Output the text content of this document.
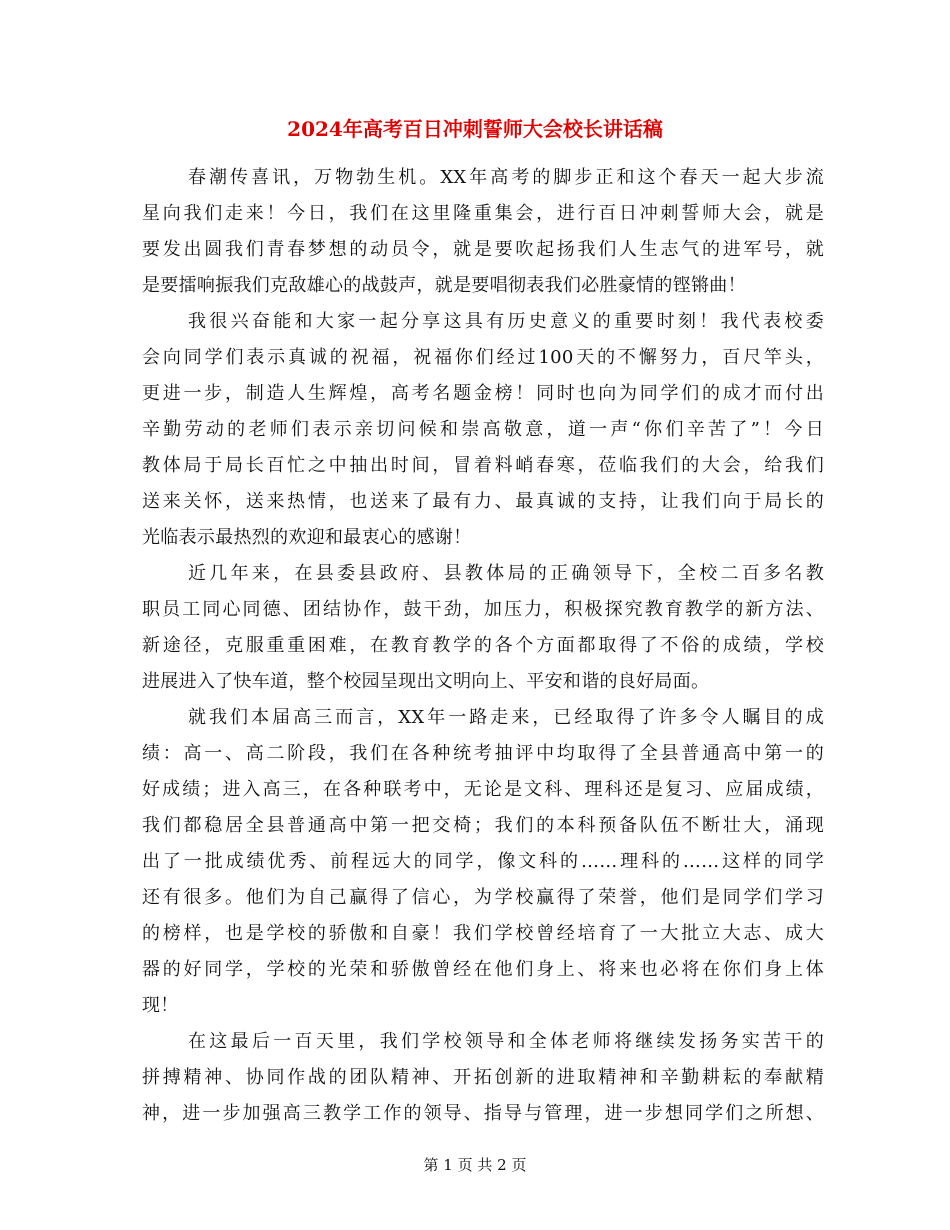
2024年高考百日冲刺誓师大会校长讲话稿
春潮传喜讯，万物勃生机。XX年高考的脚步正和这个春天一起大步流
星向我们走来！今日，我们在这里隆重集会，进行百日冲刺誓师大会，就是
要发出圆我们青春梦想的动员令，就是要吹起扬我们人生志气的进军号，就
是要擂响振我们克敌雄心的战鼓声，就是要唱彻表我们必胜豪情的铿锵曲！
我很兴奋能和大家一起分享这具有历史意义的重要时刻！我代表校委
会向同学们表示真诚的祝福，祝福你们经过100天的不懈努力，百尺竿头，
更进一步，制造人生辉煌，高考名题金榜！同时也向为同学们的成才而付出
辛勤劳动的老师们表示亲切问候和崇高敬意，道一声“你们辛苦了”！今日
教体局于局长百忙之中抽出时间，冒着料峭春寒，莅临我们的大会，给我们
送来关怀，送来热情，也送来了最有力、最真诚的支持，让我们向于局长的
光临表示最热烈的欢迎和最衷心的感谢！
近几年来，在县委县政府、县教体局的正确领导下，全校二百多名教
职员工同心同德、团结协作，鼓干劲，加压力，积极探究教育教学的新方法、
新途径，克服重重困难，在教育教学的各个方面都取得了不俗的成绩，学校
进展进入了快车道，整个校园呈现出文明向上、平安和谐的良好局面。
就我们本届高三而言，XX年一路走来，已经取得了许多令人瞩目的成
绩：高一、高二阶段，我们在各种统考抽评中均取得了全县普通高中第一的
好成绩；进入高三，在各种联考中，无论是文科、理科还是复习、应届成绩，
我们都稳居全县普通高中第一把交椅；我们的本科预备队伍不断壮大，涌现
出了一批成绩优秀、前程远大的同学，像文科的……理科的……这样的同学
还有很多。他们为自己赢得了信心，为学校赢得了荣誉，他们是同学们学习
的榜样，也是学校的骄傲和自豪！我们学校曾经培育了一大批立大志、成大
器的好同学，学校的光荣和骄傲曾经在他们身上、将来也必将在你们身上体
现！
在这最后一百天里，我们学校领导和全体老师将继续发扬务实苦干的
拼搏精神、协同作战的团队精神、开拓创新的进取精神和辛勤耕耘的奉献精
神，进一步加强高三教学工作的领导、指导与管理，进一步想同学们之所想、
第 1 页 共 2 页
